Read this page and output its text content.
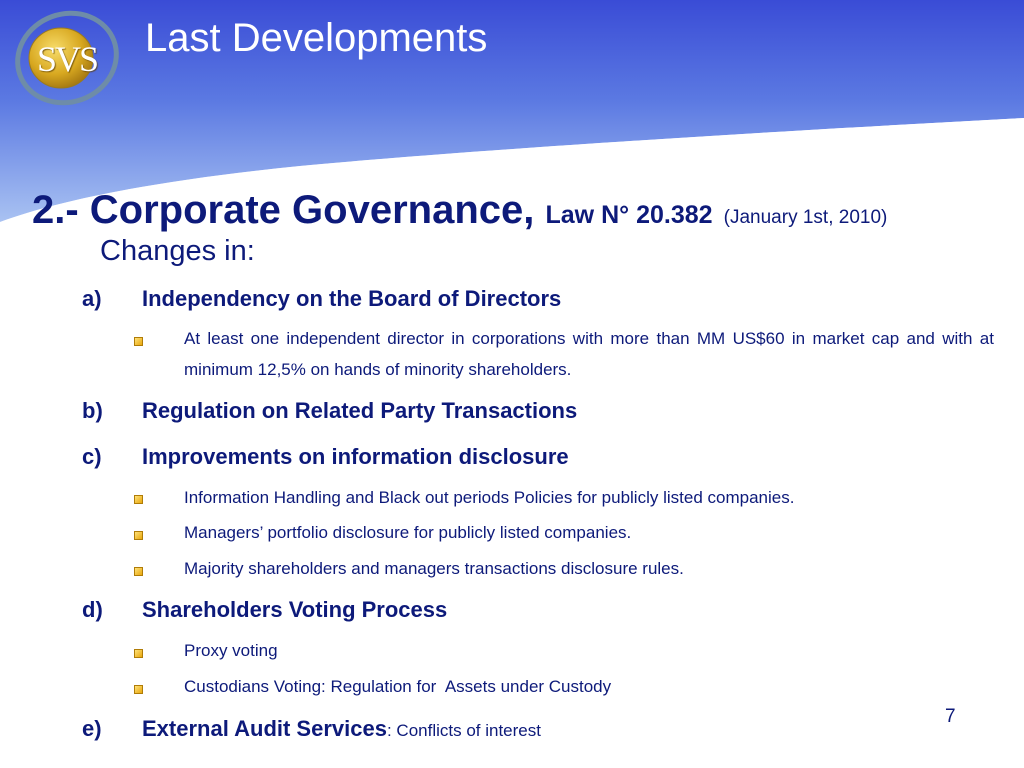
SVS	Last Developments
2.- Corporate Governance, Law N° 20.382 (January 1st, 2010)
Changes in:
a) Independency on the Board of Directors
At least one independent director in corporations with more than MM US$60 in market cap and with at minimum 12,5% on hands of minority shareholders.
b) Regulation on Related Party Transactions
c) Improvements on information disclosure
Information Handling and Black out periods Policies for publicly listed companies.
Managers’ portfolio disclosure for publicly listed companies.
Majority shareholders and managers transactions disclosure rules.
d) Shareholders Voting Process
Proxy voting
Custodians Voting: Regulation for  Assets under Custody
e) External Audit Services: Conflicts of interest
7
